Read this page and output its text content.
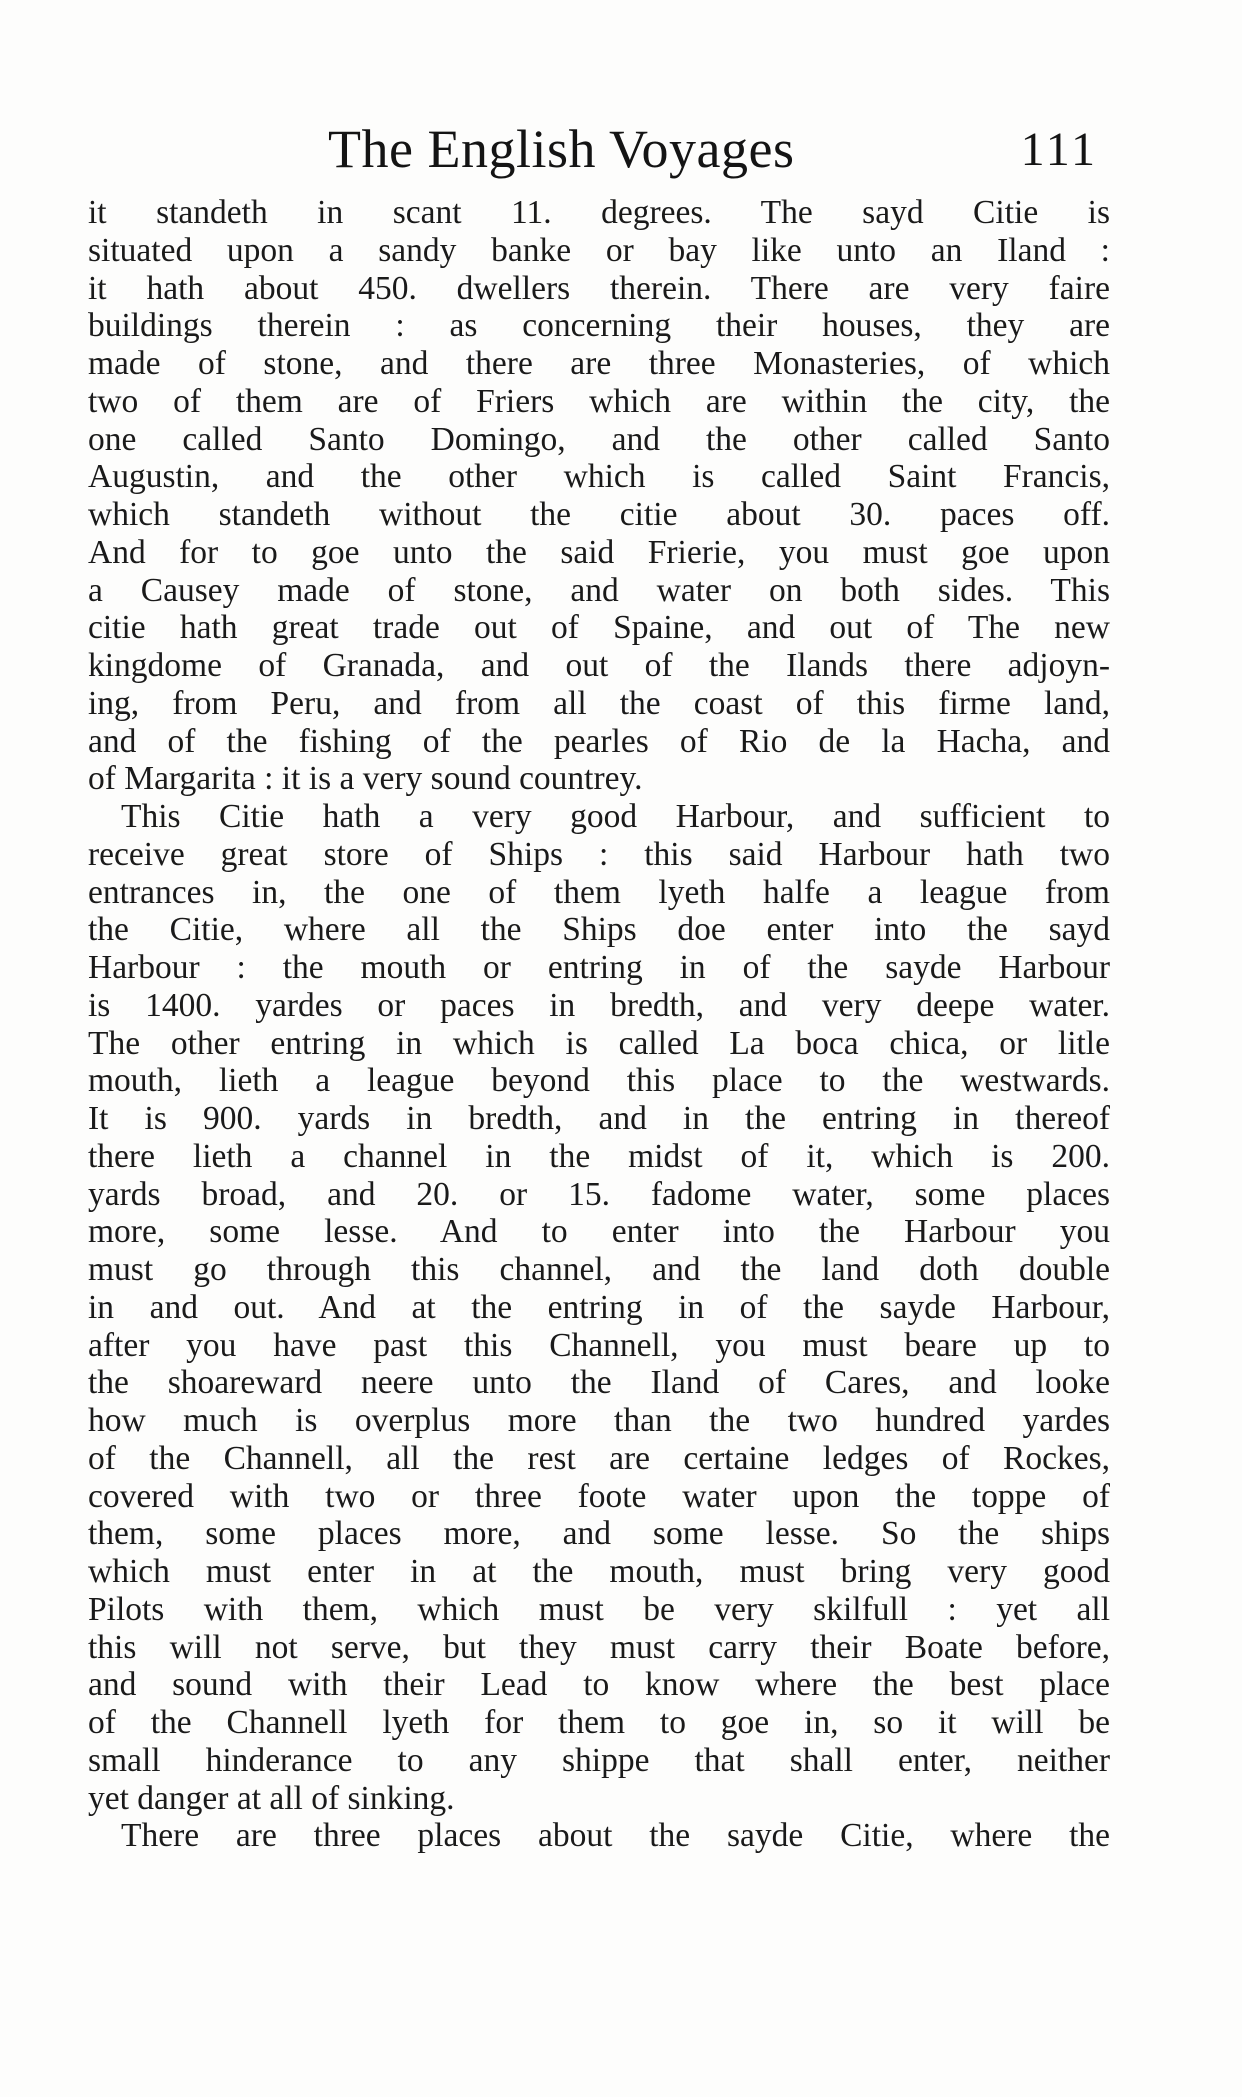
The English Voyages	111
it standeth in scant 11. degrees. The sayd Citie is
situated upon a sandy banke or bay like unto an Iland :
it hath about 450. dwellers therein. There are very faire
buildings therein : as concerning their houses, they are
made of stone, and there are three Monasteries, of which
two of them are of Friers which are within the city, the
one called Santo Domingo, and the other called Santo
Augustin, and the other which is called Saint Francis,
which standeth without the citie about 30. paces off.
And for to goe unto the said Frierie, you must goe upon
a Causey made of stone, and water on both sides. This
citie hath great trade out of Spaine, and out of The new
kingdome of Granada, and out of the Ilands there adjoyn-
ing, from Peru, and from all the coast of this firme land,
and of the fishing of the pearles of Rio de la Hacha, and
of Margarita : it is a very sound countrey.
This Citie hath a very good Harbour, and sufficient to
receive great store of Ships : this said Harbour hath two
entrances in, the one of them lyeth halfe a league from
the Citie, where all the Ships doe enter into the sayd
Harbour : the mouth or entring in of the sayde Harbour
is 1400. yardes or paces in bredth, and very deepe water.
The other entring in which is called La boca chica, or litle
mouth, lieth a league beyond this place to the westwards.
It is 900. yards in bredth, and in the entring in thereof
there lieth a channel in the midst of it, which is 200.
yards broad, and 20. or 15. fadome water, some places
more, some lesse. And to enter into the Harbour you
must go through this channel, and the land doth double
in and out. And at the entring in of the sayde Harbour,
after you have past this Channell, you must beare up to
the shoareward neere unto the Iland of Cares, and looke
how much is overplus more than the two hundred yardes
of the Channell, all the rest are certaine ledges of Rockes,
covered with two or three foote water upon the toppe of
them, some places more, and some lesse. So the ships
which must enter in at the mouth, must bring very good
Pilots with them, which must be very skilfull : yet all
this will not serve, but they must carry their Boate before,
and sound with their Lead to know where the best place
of the Channell lyeth for them to goe in, so it will be
small hinderance to any shippe that shall enter, neither
yet danger at all of sinking.
There are three places about the sayde Citie, where the
